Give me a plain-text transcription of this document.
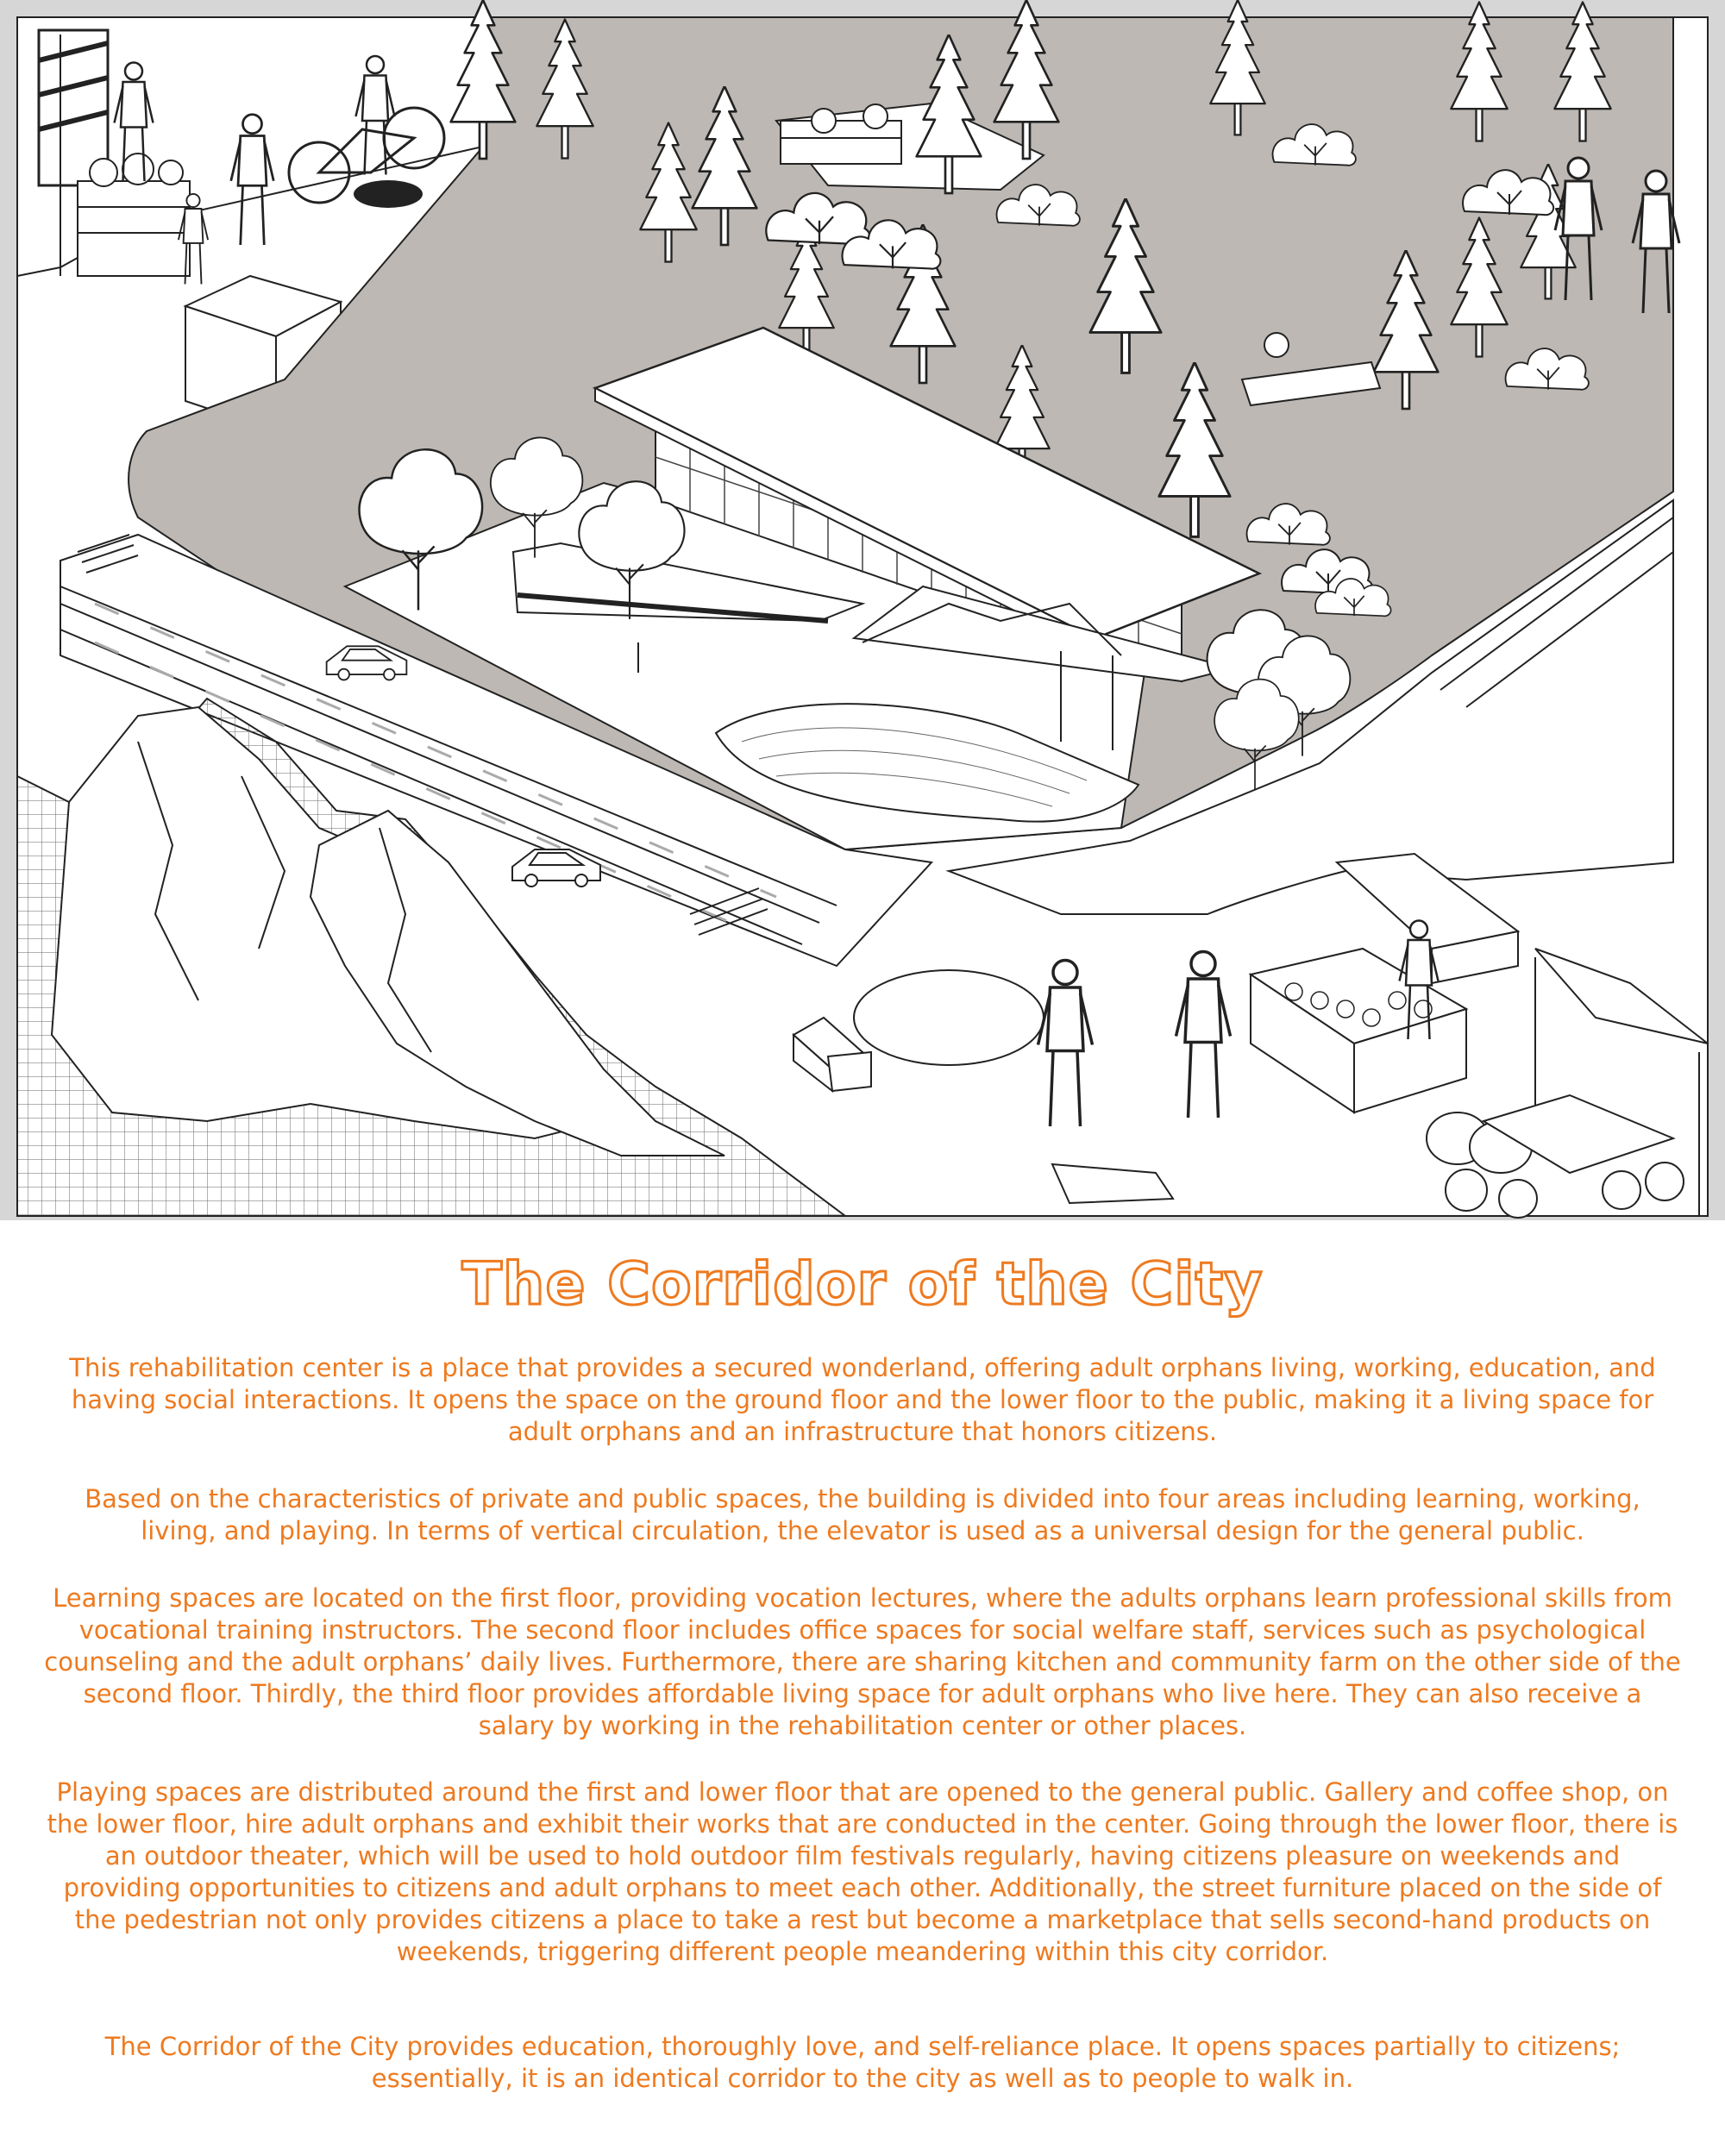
The Corridor of the City

This rehabilitation center is a place that provides a secured wonderland, offering adult orphans living, working, education, and having social interactions. It opens the space on the ground floor and the lower floor to the public, making it a living space for adult orphans and an infrastructure that honors citizens.

Based on the characteristics of private and public spaces, the building is divided into four areas including learning, working, living, and playing. In terms of vertical circulation, the elevator is used as a universal design for the general public.

Learning spaces are located on the first floor, providing vocation lectures, where the adults orphans learn professional skills from vocational training instructors. The second floor includes office spaces for social welfare staff, services such as psychological counseling and the adult orphans’ daily lives. Furthermore, there are sharing kitchen and community farm on the other side of the second floor. Thirdly, the third floor provides affordable living space for adult orphans who live here. They can also receive a salary by working in the rehabilitation center or other places.

Playing spaces are distributed around the first and lower floor that are opened to the general public. Gallery and coffee shop, on the lower floor, hire adult orphans and exhibit their works that are conducted in the center. Going through the lower floor, there is an outdoor theater, which will be used to hold outdoor film festivals regularly, having citizens pleasure on weekends and providing opportunities to citizens and adult orphans to meet each other. Additionally, the street furniture placed on the side of the pedestrian not only provides citizens a place to take a rest but become a marketplace that sells second-hand products on weekends, triggering different people meandering within this city corridor.

The Corridor of the City provides education, thoroughly love, and self-reliance place. It opens spaces partially to citizens; essentially, it is an identical corridor to the city as well as to people to walk in.
